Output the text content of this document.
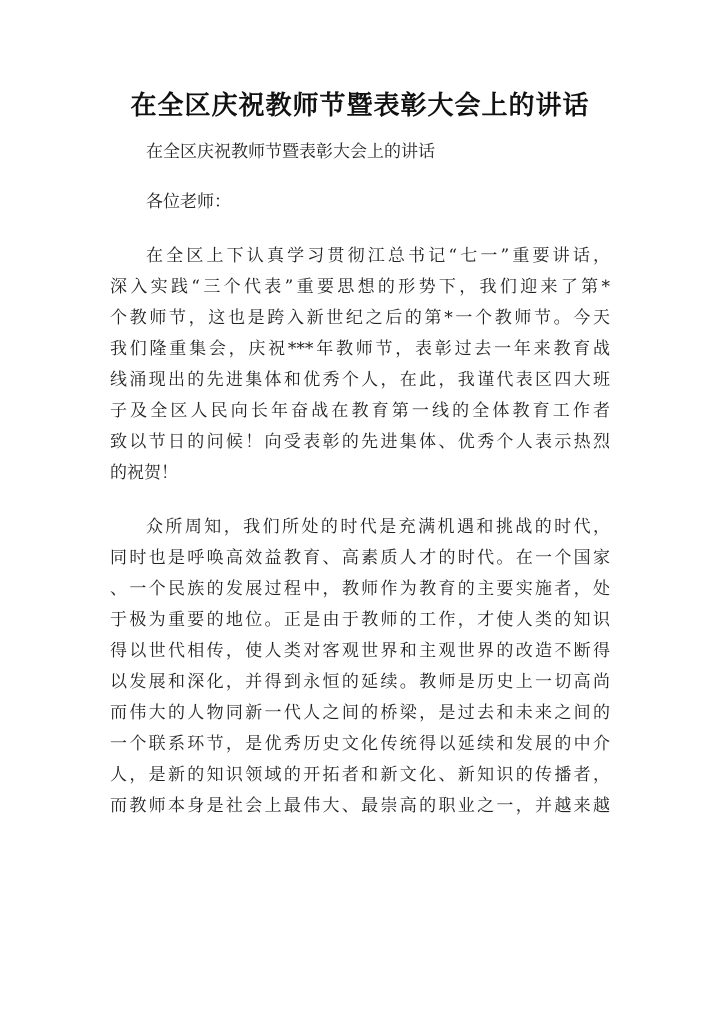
在全区庆祝教师节暨表彰大会上的讲话

在全区庆祝教师节暨表彰大会上的讲话

各位老师：

在全区上下认真学习贯彻江总书记“七一”重要讲话，

深入实践“三个代表”重要思想的形势下，我们迎来了第*

个教师节，这也是跨入新世纪之后的第*一个教师节。今天

我们隆重集会，庆祝***年教师节，表彰过去一年来教育战

线涌现出的先进集体和优秀个人，在此，我谨代表区四大班

子及全区人民向长年奋战在教育第一线的全体教育工作者

致以节日的问候！向受表彰的先进集体、优秀个人表示热烈

的祝贺！

众所周知，我们所处的时代是充满机遇和挑战的时代，

同时也是呼唤高效益教育、高素质人才的时代。在一个国家

、一个民族的发展过程中，教师作为教育的主要实施者，处

于极为重要的地位。正是由于教师的工作，才使人类的知识

得以世代相传，使人类对客观世界和主观世界的改造不断得

以发展和深化，并得到永恒的延续。教师是历史上一切高尚

而伟大的人物同新一代人之间的桥梁，是过去和未来之间的

一个联系环节，是优秀历史文化传统得以延续和发展的中介

人，是新的知识领域的开拓者和新文化、新知识的传播者，

而教师本身是社会上最伟大、最崇高的职业之一，并越来越
